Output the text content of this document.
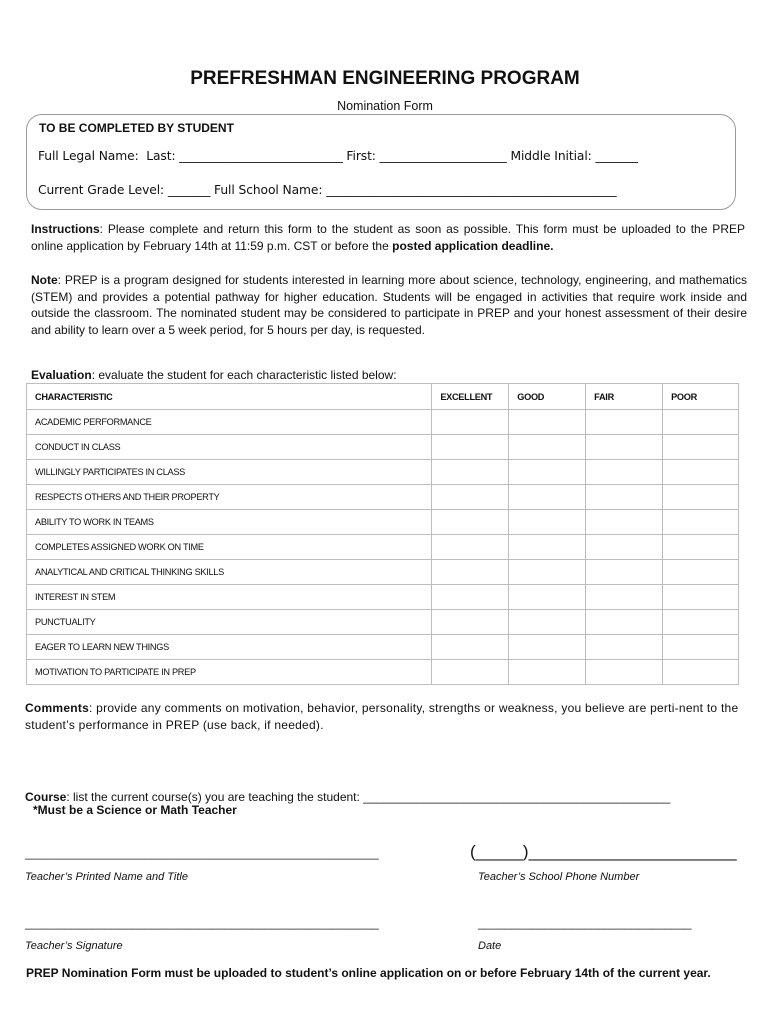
PREFRESHMAN ENGINEERING PROGRAM
Nomination Form
TO BE COMPLETED BY STUDENT
Full Legal Name:  Last: ___________________________ First: _____________________ Middle Initial: _______
Current Grade Level: _______ Full School Name: ________________________________________________
Instructions: Please complete and return this form to the student as soon as possible. This form must be uploaded to the PREP online application by February 14th at 11:59 p.m. CST or before the posted application deadline.
Note: PREP is a program designed for students interested in learning more about science, technology, engineering, and mathematics (STEM) and provides a potential pathway for higher education. Students will be engaged in activities that require work inside and outside the classroom. The nominated student may be considered to participate in PREP and your honest assessment of their desire and ability to learn over a 5 week period, for 5 hours per day, is requested.
Evaluation: evaluate the student for each characteristic listed below:
CHARACTERISTIC	EXCELLENT	GOOD	FAIR	POOR
ACADEMIC PERFORMANCE				
CONDUCT IN CLASS				
WILLINGLY PARTICIPATES IN CLASS				
RESPECTS OTHERS AND THEIR PROPERTY				
ABILITY TO WORK IN TEAMS				
COMPLETES ASSIGNED WORK ON TIME				
ANALYTICAL AND CRITICAL THINKING SKILLS				
INTEREST IN STEM				
PUNCTUALITY				
EAGER TO LEARN NEW THINGS				
MOTIVATION TO PARTICIPATE IN PREP				
Comments: provide any comments on motivation, behavior, personality, strengths or weakness, you believe are perti-nent to the student’s performance in PREP (use back, if needed).
Course: list the current course(s) you are teaching the student: ______________________________________________
*Must be a Science or Math Teacher
_____________________________________________________	(_____)______________________
Teacher’s Printed Name and Title	Teacher’s School Phone Number
_____________________________________________________	________________________________
Teacher’s Signature	Date
PREP Nomination Form must be uploaded to student’s online application on or before February 14th of the current year.
